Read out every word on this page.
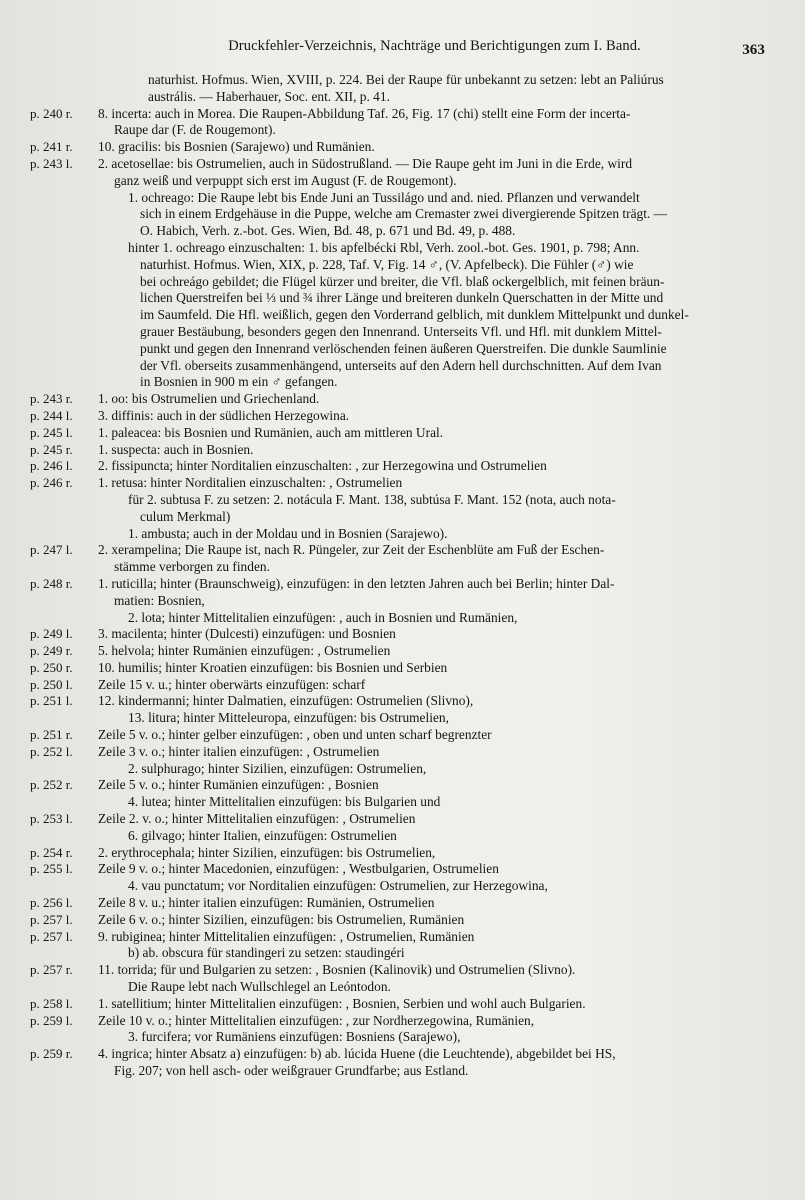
Druckfehler-Verzeichnis, Nachträge und Berichtigungen zum I. Band.	363
naturhist. Hofmus. Wien, XVIII, p. 224. Bei der Raupe für unbekannt zu setzen: lebt an Paliúrus
austrális. — Haberhauer, Soc. ent. XII, p. 41.
p. 240 r.	8. incerta: auch in Morea. Die Raupen-Abbildung Taf. 26, Fig. 17 (chi) stellt eine Form der incerta-
Raupe dar (F. de Rougemont).
p. 241 r.	10. gracilis: bis Bosnien (Sarajewo) und Rumänien.
p. 243 l.	2. acetosellae: bis Ostrumelien, auch in Südostrußland. — Die Raupe geht im Juni in die Erde, wird
ganz weiß und verpuppt sich erst im August (F. de Rougemont).
1. ochreago: Die Raupe lebt bis Ende Juni an Tussilágo und and. nied. Pflanzen und verwandelt
sich in einem Erdgehäuse in die Puppe, welche am Cremaster zwei divergierende Spitzen trägt. —
O. Habich, Verh. z.-bot. Ges. Wien, Bd. 48, p. 671 und Bd. 49, p. 488.
hinter 1. ochreago einzuschalten: 1. bis apfelbécki Rbl, Verh. zool.-bot. Ges. 1901, p. 798; Ann.
naturhist. Hofmus. Wien, XIX, p. 228, Taf. V, Fig. 14 ♂, (V. Apfelbeck). Die Fühler (♂) wie
bei ochreágo gebildet; die Flügel kürzer und breiter, die Vfl. blaß ockergelblich, mit feinen bräun-
lichen Querstreifen bei ⅓ und ¾ ihrer Länge und breiteren dunkeln Querschatten in der Mitte und
im Saumfeld. Die Hfl. weißlich, gegen den Vorderrand gelblich, mit dunklem Mittelpunkt und dunkel-
grauer Bestäubung, besonders gegen den Innenrand. Unterseits Vfl. und Hfl. mit dunklem Mittel-
punkt und gegen den Innenrand verlöschenden feinen äußeren Querstreifen. Die dunkle Saumlinie
der Vfl. oberseits zusammenhängend, unterseits auf den Adern hell durchschnitten. Auf dem Ivan
in Bosnien in 900 m ein ♂ gefangen.
p. 243 r.	1. oo: bis Ostrumelien und Griechenland.
p. 244 l.	3. diffinis: auch in der südlichen Herzegowina.
p. 245 l.	1. paleacea: bis Bosnien und Rumänien, auch am mittleren Ural.
p. 245 r.	1. suspecta: auch in Bosnien.
p. 246 l.	2. fissipuncta; hinter Norditalien einzuschalten: , zur Herzegowina und Ostrumelien
p. 246 r.	1. retusa: hinter Norditalien einzuschalten: , Ostrumelien
für 2. subtusa F. zu setzen: 2. notácula F. Mant. 138, subtúsa F. Mant. 152 (nota, auch nota-
culum Merkmal)
1. ambusta; auch in der Moldau und in Bosnien (Sarajewo).
p. 247 l.	2. xerampelina; Die Raupe ist, nach R. Püngeler, zur Zeit der Eschenblüte am Fuß der Eschen-
stämme verborgen zu finden.
p. 248 r.	1. ruticilla; hinter (Braunschweig), einzufügen: in den letzten Jahren auch bei Berlin; hinter Dal-
matien: Bosnien,
2. lota; hinter Mittelitalien einzufügen: , auch in Bosnien und Rumänien,
p. 249 l.	3. macilenta; hinter (Dulcesti) einzufügen: und Bosnien
p. 249 r.	5. helvola; hinter Rumänien einzufügen: , Ostrumelien
p. 250 r.	10. humilis; hinter Kroatien einzufügen: bis Bosnien und Serbien
p. 250 l.	Zeile 15 v. u.; hinter oberwärts einzufügen: scharf
p. 251 l.	12. kindermanni; hinter Dalmatien, einzufügen: Ostrumelien (Slivno),
13. litura; hinter Mitteleuropa, einzufügen: bis Ostrumelien,
p. 251 r.	Zeile 5 v. o.; hinter gelber einzufügen: , oben und unten scharf begrenzter
p. 252 l.	Zeile 3 v. o.; hinter italien einzufügen: , Ostrumelien
2. sulphurago; hinter Sizilien, einzufügen: Ostrumelien,
p. 252 r.	Zeile 5 v. o.; hinter Rumänien einzufügen: , Bosnien
4. lutea; hinter Mittelitalien einzufügen: bis Bulgarien und
p. 253 l.	Zeile 2. v. o.; hinter Mittelitalien einzufügen: , Ostrumelien
6. gilvago; hinter Italien, einzufügen: Ostrumelien
p. 254 r.	2. erythrocephala; hinter Sizilien, einzufügen: bis Ostrumelien,
p. 255 l.	Zeile 9 v. o.; hinter Macedonien, einzufügen: , Westbulgarien, Ostrumelien
4. vau punctatum; vor Norditalien einzufügen: Ostrumelien, zur Herzegowina,
p. 256 l.	Zeile 8 v. u.; hinter italien einzufügen: Rumänien, Ostrumelien
p. 257 l.	Zeile 6 v. o.; hinter Sizilien, einzufügen: bis Ostrumelien, Rumänien
p. 257 l.	9. rubiginea; hinter Mittelitalien einzufügen: , Ostrumelien, Rumänien
b) ab. obscura für standingeri zu setzen: staudingéri
p. 257 r.	11. torrida; für und Bulgarien zu setzen: , Bosnien (Kalinovik) und Ostrumelien (Slivno).
Die Raupe lebt nach Wullschlegel an Leóntodon.
p. 258 l.	1. satellitium; hinter Mittelitalien einzufügen: , Bosnien, Serbien und wohl auch Bulgarien.
p. 259 l.	Zeile 10 v. o.; hinter Mittelitalien einzufügen: , zur Nordherzegowina, Rumänien,
3. furcifera; vor Rumäniens einzufügen: Bosniens (Sarajewo),
p. 259 r.	4. ingrica; hinter Absatz a) einzufügen: b) ab. lúcida Huene (die Leuchtende), abgebildet bei HS,
Fig. 207; von hell asch- oder weißgrauer Grundfarbe; aus Estland.
